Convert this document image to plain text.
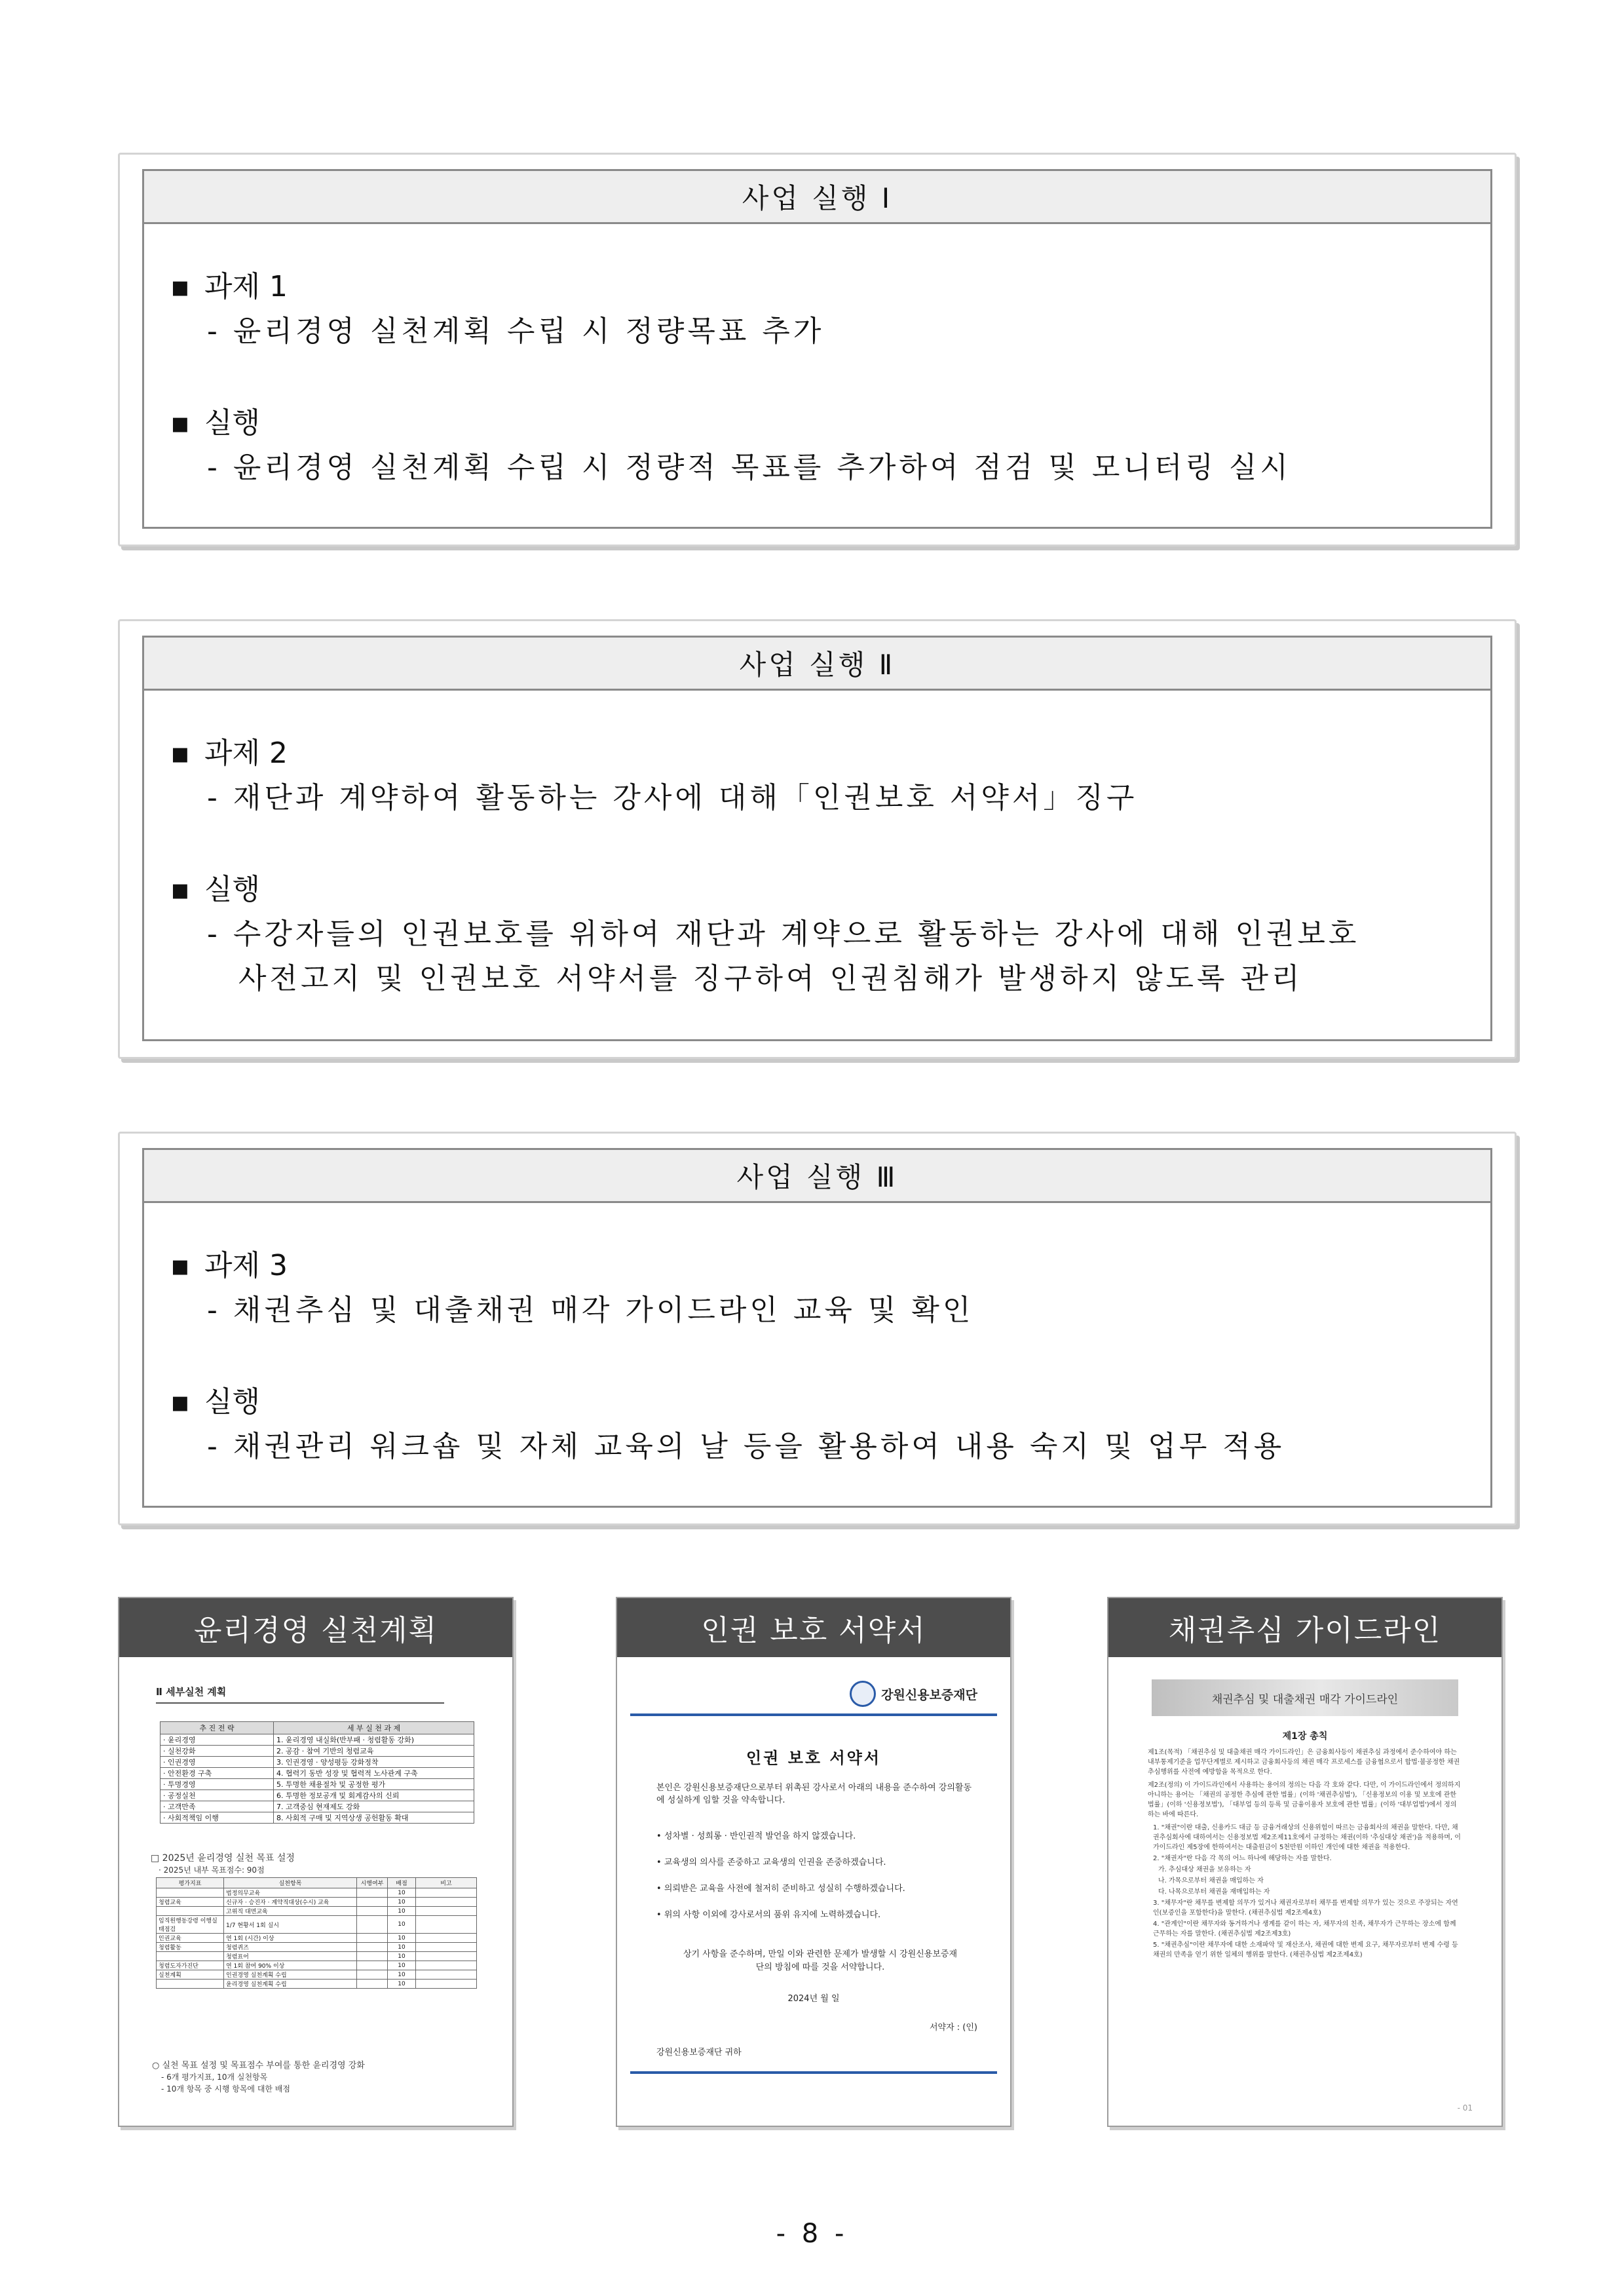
사업 실행 Ⅰ
▪ 과제 1
- 윤리경영 실천계획 수립 시 정량목표 추가
▪ 실행
- 윤리경영 실천계획 수립 시 정량적 목표를 추가하여 점검 및 모니터링 실시
사업 실행 Ⅱ
▪ 과제 2
- 재단과 계약하여 활동하는 강사에 대해「인권보호 서약서」징구
▪ 실행
- 수강자들의 인권보호를 위하여 재단과 계약으로 활동하는 강사에 대해 인권보호
사전고지 및 인권보호 서약서를 징구하여 인권침해가 발생하지 않도록 관리
사업 실행 Ⅲ
▪ 과제 3
- 채권추심 및 대출채권 매각 가이드라인 교육 및 확인
▪ 실행
- 채권관리 워크숍 및 자체 교육의 날 등을 활용하여 내용 숙지 및 업무 적용
윤리경영 실천계획
Ⅱ 세부실천 계획
추 진 전 략	세 부 실 천 과 제
· 윤리경영	1. 윤리경영 내실화(반부패 · 청렴활동 강화)
· 실천강화	2. 공감 · 참여 기반의 청렴교육
· 인권경영	3. 인권경영 · 양성평등 강화정착
· 안전환경 구축	4. 협력기 동반 성장 및 협력적 노사관계 구축
· 투명경영	5. 투명한 채용절차 및 공정한 평가
· 공정실천	6. 투명한 정보공개 및 회계감사의 신뢰
· 고객만족	7. 고객중심 현재제도 강화
· 사회적책임 이행	8. 사회적 구매 및 지역상생 공헌활동 확대
□ 2025년 윤리경영 실천 목표 설정
· 2025년 내부 목표점수: 90점
평가지표	실천항목	시행여부	배점	비고
	법정의무교육		10	
청렴교육	신규자 · 승진자 · 계약직대상(수시) 교육		10	
	고위직 대면교육		10	
임직원행동강령 이행실태점검	1/7 현황서 1회 실시		10	
인권교육	연 1회 (시간) 이상		10	
청렴활동	청렴퀴즈		10	
	청렴표어		10	
청렴도자가진단	연 1회 참여 90% 이상		10	
실천계획	인권경영 실천계획 수립		10	
	윤리경영 실천계획 수립		10	
○ 실천 목표 설정 및 목표점수 부여를 통한 윤리경영 강화
- 6개 평가지표, 10개 실천항목
- 10개 항목 중 시행 항목에 대한 배점
인권 보호 서약서
강원신용보증재단
인권 보호 서약서
본인은 강원신용보증재단으로부터 위촉된 강사로서 아래의 내용을 준수하여 강의활동에 성실하게 임할 것을 약속합니다.
• 성차별 · 성희롱 · 반인권적 발언을 하지 않겠습니다.
• 교육생의 의사를 존중하고 교육생의 인권을 존중하겠습니다.
• 의뢰받은 교육을 사전에 철저히 준비하고 성실히 수행하겠습니다.
• 위의 사항 이외에 강사로서의 품위 유지에 노력하겠습니다.
상기 사항을 준수하며, 만일 이와 관련한 문제가 발생할 시 강원신용보증재단의 방침에 따를 것을 서약합니다.
2024년 월 일
서약자 : (인)
강원신용보증재단 귀하
채권추심 가이드라인
채권추심 및 대출채권 매각 가이드라인
제1장 총칙

제1조(목적) 「채권추심 및 대출채권 매각 가이드라인」은 금융회사등이 채권추심 과정에서 준수하여야 하는 내부통제기준을 업무단계별로 제시하고 금융회사등의 채권 매각 프로세스를 금융협으로서 합법·불공정한 채권추심행위를 사전에 예방함을 목적으로 한다.

제2조(정의) 이 가이드라인에서 사용하는 용어의 정의는 다음 각 호와 같다. 다만, 이 가이드라인에서 정의하지 아니하는 용어는 「채권의 공정한 추심에 관한 법률」(이하 '채권추심법'), 「신용정보의 이용 및 보호에 관한 법률」(이하 '신용정보법'), 「대부업 등의 등록 및 금융이용자 보호에 관한 법률」(이하 '대부업법')에서 정의하는 바에 따른다.

1. "채권"이란 대출, 신용카드 대금 등 금융거래상의 신용위험이 따르는 금융회사의 채권을 말한다. 다만, 채권추심회사에 대하여서는 신용정보법 제2조제11호에서 규정하는 채권(이하 '추심대상 채권')을 적용하며, 이 가이드라인 제5장에 한하여서는 대출원금이 5천만원 이하인 개인에 대한 채권을 적용한다.

2. "채권자"란 다음 각 목의 어느 하나에 해당하는 자를 말한다.

가. 추심대상 채권을 보유하는 자

나. 가목으로부터 채권을 매입하는 자

다. 나목으로부터 채권을 재매입하는 자

3. "채무자"란 채무를 변제할 의무가 있거나 채권자로부터 채무를 변제할 의무가 있는 것으로 주장되는 자연인(보증인을 포함한다)을 말한다. (채권추심법 제2조제4호)

4. "관계인"이란 채무자와 동거하거나 생계를 같이 하는 자, 채무자의 친족, 채무자가 근무하는 장소에 함께 근무하는 자를 말한다. (채권추심법 제2조제3호)

5. "채권추심"이란 채무자에 대한 소재파악 및 재산조사, 채권에 대한 변제 요구, 채무자로부터 변제 수령 등 채권의 만족을 얻기 위한 일체의 행위를 말한다. (채권추심법 제2조제4호)

- 01
- 8 -
